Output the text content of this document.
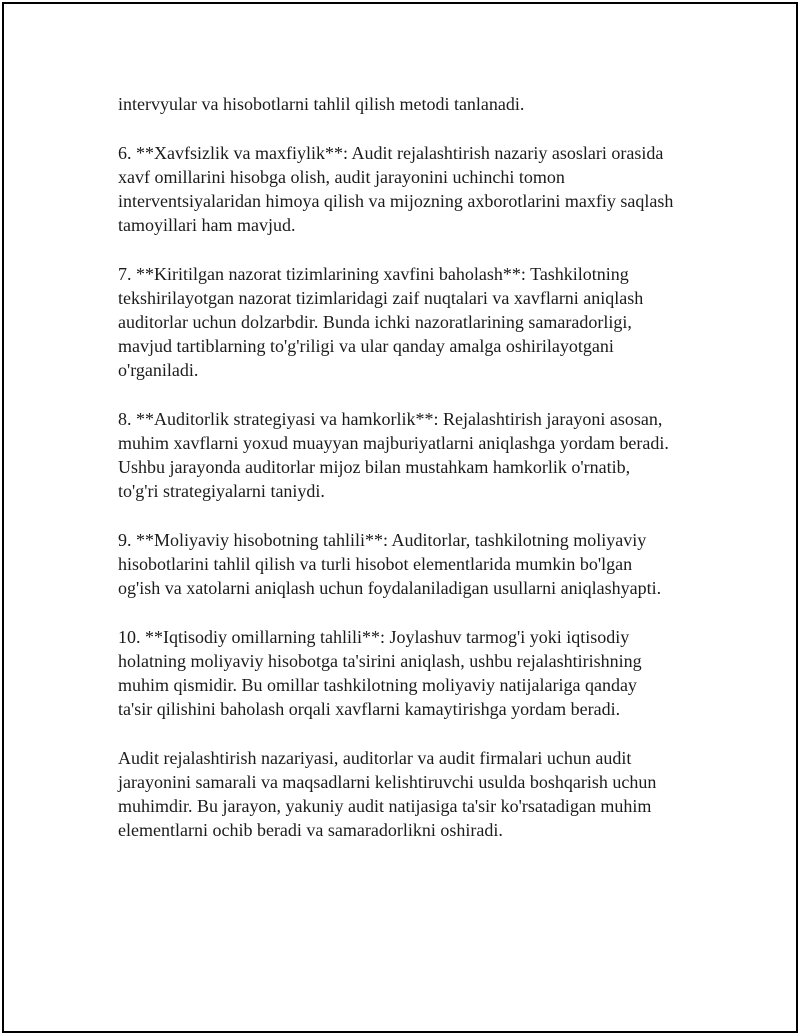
intervyular va hisobotlarni tahlil qilish metodi tanlanadi.
6. **Xavfsizlik va maxfiylik**: Audit rejalashtirish nazariy asoslari orasida
xavf omillarini hisobga olish, audit jarayonini uchinchi tomon
interventsiyalaridan himoya qilish va mijozning axborotlarini maxfiy saqlash
tamoyillari ham mavjud.
7. **Kiritilgan nazorat tizimlarining xavfini baholash**: Tashkilotning
tekshirilayotgan nazorat tizimlaridagi zaif nuqtalari va xavflarni aniqlash
auditorlar uchun dolzarbdir. Bunda ichki nazoratlarining samaradorligi,
mavjud tartiblarning to'g'riligi va ular qanday amalga oshirilayotgani
o'rganiladi.
8. **Auditorlik strategiyasi va hamkorlik**: Rejalashtirish jarayoni asosan,
muhim xavflarni yoxud muayyan majburiyatlarni aniqlashga yordam beradi.
Ushbu jarayonda auditorlar mijoz bilan mustahkam hamkorlik o'rnatib,
to'g'ri strategiyalarni taniydi.
9. **Moliyaviy hisobotning tahlili**: Auditorlar, tashkilotning moliyaviy
hisobotlarini tahlil qilish va turli hisobot elementlarida mumkin bo'lgan
og'ish va xatolarni aniqlash uchun foydalaniladigan usullarni aniqlashyapti.
10. **Iqtisodiy omillarning tahlili**: Joylashuv tarmog'i yoki iqtisodiy
holatning moliyaviy hisobotga ta'sirini aniqlash, ushbu rejalashtirishning
muhim qismidir. Bu omillar tashkilotning moliyaviy natijalariga qanday
ta'sir qilishini baholash orqali xavflarni kamaytirishga yordam beradi.
Audit rejalashtirish nazariyasi, auditorlar va audit firmalari uchun audit
jarayonini samarali va maqsadlarni kelishtiruvchi usulda boshqarish uchun
muhimdir. Bu jarayon, yakuniy audit natijasiga ta'sir ko'rsatadigan muhim
elementlarni ochib beradi va samaradorlikni oshiradi.
